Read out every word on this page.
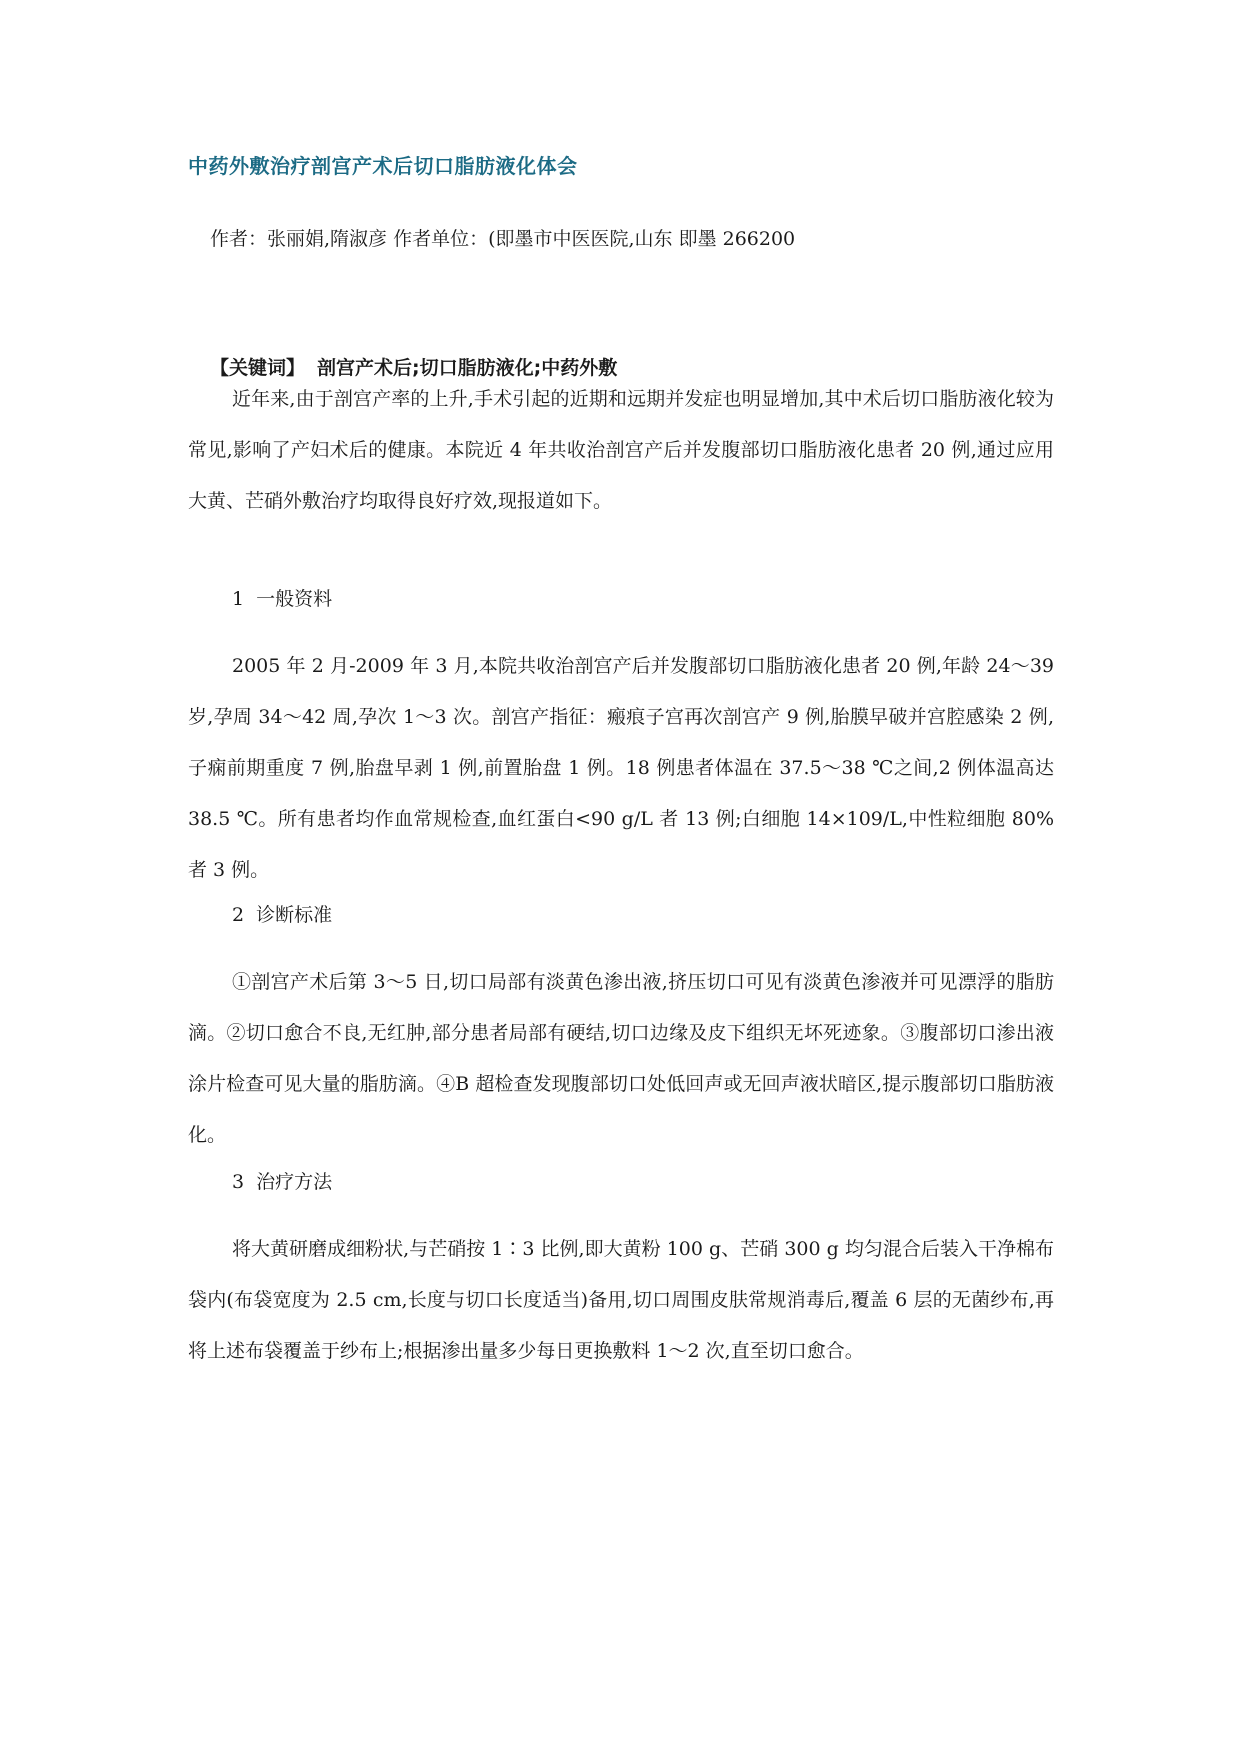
中药外敷治疗剖宫产术后切口脂肪液化体会
作者：张丽娟,隋淑彦 作者单位：(即墨市中医医院,山东 即墨 266200
【关键词】 剖宫产术后;切口脂肪液化;中药外敷

近年来,由于剖宫产率的上升,手术引起的近期和远期并发症也明显增加,其中术后切口脂肪液化较为常见,影响了产妇术后的健康。本院近 4 年共收治剖宫产后并发腹部切口脂肪液化患者 20 例,通过应用大黄、芒硝外敷治疗均取得良好疗效,现报道如下。

1 一般资料

2005 年 2 月-2009 年 3 月,本院共收治剖宫产后并发腹部切口脂肪液化患者 20 例,年龄 24～39 岁,孕周 34～42 周,孕次 1～3 次。剖宫产指征：瘢痕子宫再次剖宫产 9 例,胎膜早破并宫腔感染 2 例,子痫前期重度 7 例,胎盘早剥 1 例,前置胎盘 1 例。18 例患者体温在 37.5～38 ℃之间,2 例体温高达 38.5 ℃。所有患者均作血常规检查,血红蛋白<90 g/L 者 13 例;白细胞 14×109/L,中性粒细胞 80%者 3 例。

2 诊断标准

①剖宫产术后第 3～5 日,切口局部有淡黄色渗出液,挤压切口可见有淡黄色渗液并可见漂浮的脂肪滴。②切口愈合不良,无红肿,部分患者局部有硬结,切口边缘及皮下组织无坏死迹象。③腹部切口渗出液涂片检查可见大量的脂肪滴。④B 超检查发现腹部切口处低回声或无回声液状暗区,提示腹部切口脂肪液化。

3 治疗方法

将大黄研磨成细粉状,与芒硝按 1∶3 比例,即大黄粉 100 g、芒硝 300 g 均匀混合后装入干净棉布袋内(布袋宽度为 2.5 cm,长度与切口长度适当)备用,切口周围皮肤常规消毒后,覆盖 6 层的无菌纱布,再将上述布袋覆盖于纱布上;根据渗出量多少每日更换敷料 1～2 次,直至切口愈合。
